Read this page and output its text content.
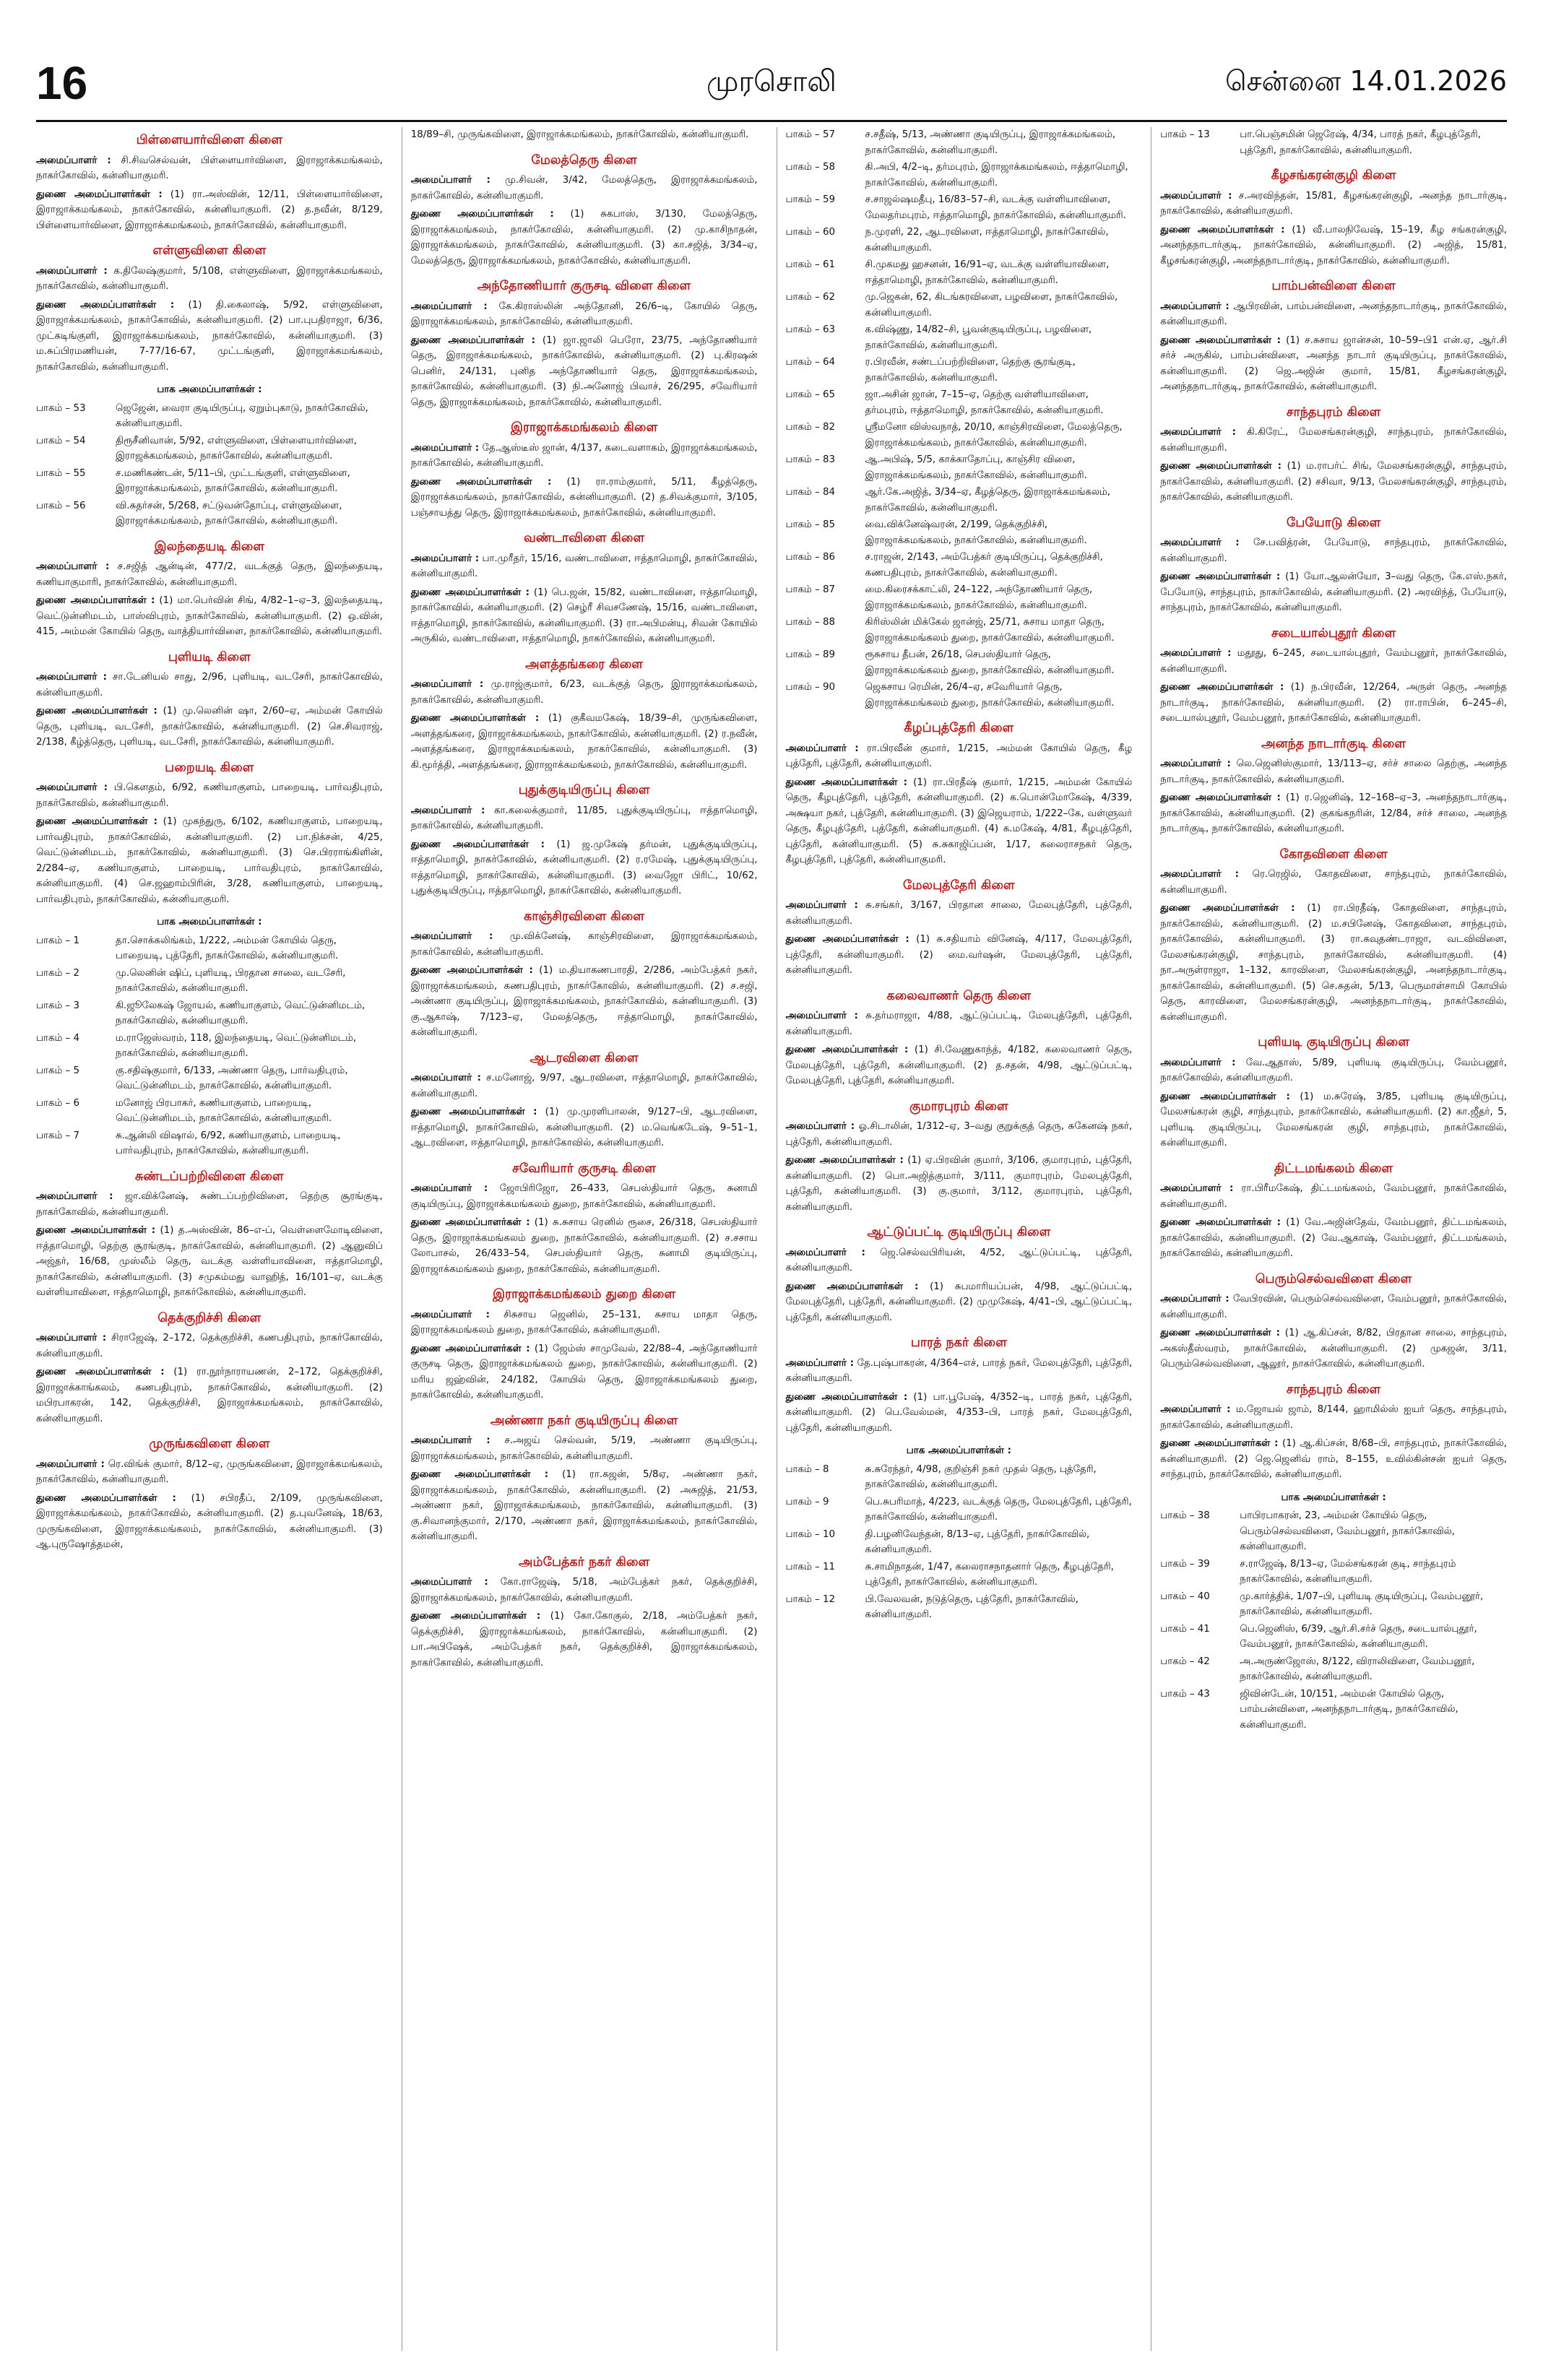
16	முரசொலி	சென்னை 14.01.2026
பிள்ளையார்விளை கிளை

அமைப்பாளர் : சி.சிவசெல்வன், பிள்ளையார்விளை, இராஜாக்கமங்கலம், நாகர்கோவில், கன்னியாகுமரி.

துணை அமைப்பாளர்கள் : (1) ரா.அஸ்வின், 12/11, பிள்ளையார்விளை, இராஜாக்கமங்கலம், நாகர்கோவில், கன்னியாகுமரி. (2) த.நவீன், 8/129, பிள்ளையார்விளை, இராஜாக்கமங்கலம், நாகர்கோவில், கன்னியாகுமரி.

எள்ளுவிளை கிளை

அமைப்பாளர் : க.திலேஷ்குமார், 5/108, எள்ளுவிளை, இராஜாக்கமங்கலம், நாகர்கோவில், கன்னியாகுமரி.

துணை அமைப்பாளர்கள் : (1) தி.கைலாஷ், 5/92, எள்ளுவிளை, இராஜாக்கமங்கலம், நாகர்கோவில், கன்னியாகுமரி. (2) பா.புபதிராஜா, 6/36, முட்கடிங்குளி, இராஜாக்கமங்கலம், நாகர்கோவில், கன்னியாகுமரி. (3) ம.சுப்பிரமணியன், 7-77/16-67, முட்டங்குளி, இராஜாக்கமங்கலம், நாகர்கோவில், கன்னியாகுமரி.

பாக அமைப்பாளர்கள் :
பாகம் – 53	ஜெஜேன், வைரா குடியிருப்பு, ஏறும்புகாடு, நாகர்கோவில், கன்னியாகுமரி.
பாகம் – 54	திரூசீனிவான், 5/92, எள்ளுவிளை, பிள்ளையார்விளை, இராஜக்கமங்கலம், நாகர்கோவில், கன்னியாகுமரி.
பாகம் – 55	ச.மணிகண்டன், 5/11–பி, முட்டங்குளி, எள்ளுவிளை, இராஜாக்கமங்கலம், நாகர்கோவில், கன்னியாகுமரி.
பாகம் – 56	வி.சுதர்சன், 5/268, சட்டுவன்தோப்பு, எள்ளுவிளை, இராஜாக்கமங்கலம், நாகர்கோவில், கன்னியாகுமரி.
இலந்தையடி கிளை

அமைப்பாளர் : ச.சஜித் ஆன்டின், 477/2, வடக்குத் தெரு, இலந்தையடி, கணியாகுமாரி, நாகர்கோவில், கன்னியாகுமரி.

துணை அமைப்பாளர்கள் : (1) மா.பெர்வின் சிங், 4/82–1–ஏ–3, இலந்தையடி, வெட்டுன்னிமடம், பாஸ்விபுரம், நாகர்கோவில், கன்னியாகுமரி. (2) ஒ.வின், 415, அம்மன் கோயில் தெரு, வாத்தியார்விளை, நாகர்கோவில், கன்னியாகுமரி.

புளியடி கிளை

அமைப்பாளர் : சா.டேனியல் சாது, 2/96, புளியடி, வடசேரி, நாகர்கோவில், கன்னியாகுமரி.

துணை அமைப்பாளர்கள் : (1) மு.லெனின் ஷா, 2/60–ஏ, அம்மன் கோயில் தெரு, புளியடி, வடசேரி, நாகர்கோவில், கன்னியாகுமரி. (2) செ.சிவராஜ், 2/138, கீழ்த்தெரு, புளியடி, வடசேரி, நாகர்கோவில், கன்னியாகுமரி.

பறையடி கிளை

அமைப்பாளர் : பி.கௌதம், 6/92, கணியாகுளம், பாறையடி, பார்வதிபுரம், நாகர்கோவில், கன்னியாகுமரி.

துணை அமைப்பாளர்கள் : (1) முகந்துரு, 6/102, கணியாகுளம், பாறையடி, பார்வதிபுரம், நாகர்கோவில், கன்னியாகுமரி. (2) பா.நிக்சன், 4/25, வெட்டுன்னிமடம், நாகர்கோவில், கன்னியாகுமரி. (3) செ.பிரராங்கிளின், 2/284–ஏ, கணியாகுளம், பாறையடி, பார்வதிபுரம், நாகர்கோவில், கன்னியாகுமரி. (4) செ.ஜஹாம்பிரின், 3/28, கணியாகுளம், பாறையடி, பார்வதிபுரம், நாகர்கோவில், கன்னியாகுமரி.

பாக அமைப்பாளர்கள் :
பாகம் – 1	தா.சொக்கலிங்கம், 1/222, அம்மன் கோயில் தெரு, பாறையடி, புத்தேரி, நாகர்கோவில், கன்னியாகுமரி.
பாகம் – 2	மு.லெனின் ஷிப், புளியடி, பிரதான சாலை, வடசேரி, நாகர்கோவில், கன்னியாகுமரி.
பாகம் – 3	கி.ஜூலேகஷ் ஜோயல், கணியாகுளம், வெட்டுன்னிமடம், நாகர்கோவில், கன்னியாகுமரி.
பாகம் – 4	ம.ராஜேஸ்வரம், 118, இலந்தையடி, வெட்டுன்னிமடம், நாகர்கோவில், கன்னியாகுமரி.
பாகம் – 5	கு.சதிஷ்குமார், 6/133, அண்ணா தெரு, பார்வதிபுரம், வெட்டுன்னிமடம், நாகர்கோவில், கன்னியாகுமரி.
பாகம் – 6	மனோஜ் பிரபாகர், கணியாகுளம், பாறையடி, வெட்டுன்னிமடம், நாகர்கோவில், கன்னியாகுமரி.
பாகம் – 7	சு.ஆன்லி விஷால், 6/92, கணியாகுளம், பாறையடி, பார்வதிபுரம், நாகர்கோவில், கன்னியாகுமரி.
சுண்டப்பற்றிவிளை கிளை

அமைப்பாளர் : ஜா.விக்னேஷ், சுண்டப்பற்றிவிளை, தெற்கு சூரங்குடி, நாகர்கோவில், கன்னியாகுமரி.

துணை அமைப்பாளர்கள் : (1) த.அஸ்வின், 86–எ-ப், வெள்ளைமோடிவிளை, ஈத்தாமொழி, தெற்கு சூரங்குடி, நாகர்கோவில், கன்னியாகுமரி. (2) ஆனுவிப் அஜ்தர், 16/68, முஸ்லீம் தெரு, வடக்கு வள்ளியாவிளை, ஈத்தாமொழி, நாகர்கோவில், கன்னியாகுமரி. (3) சமுகம்மது வாஹித், 16/101–ஏ, வடக்கு வள்ளியாவிளை, ஈத்தாமொழி, நாகர்கோவில், கன்னியாகுமரி.

தெக்குறிச்சி கிளை

அமைப்பாளர் : சிராஜேஷ், 2–172, தெக்குறிச்சி, கணபதிபுரம், நாகர்கோவில், கன்னியாகுமரி.

துணை அமைப்பாளர்கள் : (1) ரா.நூர்நாராயணன், 2–172, தெக்குறிச்சி, இராஜாக்காங்கலம், கணபதிபுரம், நாகர்கோவில், கன்னியாகுமரி. (2) மபிரபாகரன், 142, தெக்குறிச்சி, இராஜாக்கமங்கலம், நாகர்கோவில், கன்னியாகுமரி.

முருங்கவிளை கிளை

அமைப்பாளர் : ரெ.விங்க் குமார், 8/12–ஏ, முருங்கவிளை, இராஜாக்கமங்கலம், நாகர்கோவில், கன்னியாகுமரி.

துணை அமைப்பாளர்கள் : (1) சபிரதீப், 2/109, முருங்கவிளை, இராஜாக்கமங்கலம், நாகர்கோவில், கன்னியாகுமரி. (2) த.புவனேஷ், 18/63, முருங்கவிளை, இராஜாக்கமங்கலம், நாகர்கோவில், கன்னியாகுமரி. (3) ஆ.புருஷோத்தமன்,

18/89–சி, முருங்கவிளை, இராஜாக்கமங்கலம், நாகர்கோவில், கன்னியாகுமரி.

மேலத்தெரு கிளை

அமைப்பாளர் : மு.சிவன், 3/42, மேலத்தெரு, இராஜாக்கமங்கலம், நாகர்கோவில், கன்னியாகுமரி.

துணை அமைப்பாளர்கள் : (1) சுகபாஸ், 3/130, மேலத்தெரு, இராஜாக்கமங்கலம், நாகர்கோவில், கன்னியாகுமரி. (2) மு.காசிநாதன், இராஜாக்கமங்கலம், நாகர்கோவில், கன்னியாகுமரி. (3) கா.சஜித், 3/34–ஏ, மேலத்தெரு, இராஜாக்கமங்கலம், நாகர்கோவில், கன்னியாகுமரி.

அந்தோணியார் குருசடி விளை கிளை

அமைப்பாளர் : கே.கிராஸ்லின் அந்தோனி, 26/6–டி, கோயில் தெரு, இராஜாக்கமங்கலம், நாகர்கோவில், கன்னியாகுமரி.

துணை அமைப்பாளர்கள் : (1) ஜா.ஜாலி பெரோ, 23/75, அந்தோணியார் தெரு, இராஜாக்கமங்கலம், நாகர்கோவில், கன்னியாகுமரி. (2) பு.கிரஷன் பெனிர், 24/131, புனித அந்தோணியார் தெரு, இராஜாக்கமங்கலம், நாகர்கோவில், கன்னியாகுமரி. (3) நி.அனோஜ் பிவாச், 26/295, சவேரியார் தெரு, இராஜாக்கமங்கலம், நாகர்கோவில், கன்னியாகுமரி.

இராஜாக்கமங்கலம் கிளை

அமைப்பாளர் : தே.ஆஸ்டீஸ் ஜான், 4/137, கடைவளாகம், இராஜாக்கமங்கலம், நாகர்கோவில், கன்னியாகுமரி.

துணை அமைப்பாளர்கள் : (1) ரா.ராம்குமார், 5/11, கீழத்தெரு, இராஜாக்கமங்கலம், நாகர்கோவில், கன்னியாகுமரி. (2) த.சிவக்குமார், 3/105, பஞ்சாயத்து தெரு, இராஜாக்கமங்கலம், நாகர்கோவில், கன்னியாகுமரி.

வண்டாவிளை கிளை

அமைப்பாளர் : பா.முரீதர், 15/16, வண்டாவிளை, ஈத்தாமொழி, நாகர்கோவில், கன்னியாகுமரி.

துணை அமைப்பாளர்கள் : (1) பெ.ஜன், 15/82, வண்டாவிளை, ஈத்தாமொழி, நாகர்கோவில், கன்னியாகுமரி. (2) செழ்ரீ சிவசணேஷ், 15/16, வண்டாவிளை, ஈத்தாமொழி, நாகர்கோவில், கன்னியாகுமரி. (3) ரா.அபிமன்யு, சிவன் கோயில் அருகில், வண்டாவிளை, ஈத்தாமொழி, நாகர்கோவில், கன்னியாகுமரி.

அளத்தங்கரை கிளை

அமைப்பாளர் : மு.ராஜ்குமார், 6/23, வடக்குத் தெரு, இராஜாக்கமங்கலம், நாகர்கோவில், கன்னியாகுமரி.

துணை அமைப்பாளர்கள் : (1) குகீவமகேஷ், 18/39–சி, முருங்கவிளை, அளத்தங்கரை, இராஜாக்கமங்கலம், நாகர்கோவில், கன்னியாகுமரி. (2) ர.நவீன், அளத்தங்கரை, இராஜாக்கமங்கலம், நாகர்கோவில், கன்னியாகுமரி. (3) கி.மூர்த்தி, அளத்தங்கரை, இராஜாக்கமங்கலம், நாகர்கோவில், கன்னியாகுமரி.

புதுக்குடியிருப்பு கிளை

அமைப்பாளர் : கா.கலைக்குமார், 11/85, புதுக்குடியிருப்பு, ஈத்தாமொழி, நாகர்கோவில், கன்னியாகுமரி.

துணை அமைப்பாளர்கள் : (1) ஜ.முகேஷ் தர்மன், புதுக்குடியிருப்பு, ஈத்தாமொழி, நாகர்கோவில், கன்னியாகுமரி. (2) ர.ரமேஷ், புதுக்குடியிருப்பு, ஈத்தாமொழி, நாகர்கோவில், கன்னியாகுமரி. (3) வைஜோ பிரிட், 10/62, புதுக்குடியிருப்பு, ஈத்தாமொழி, நாகர்கோவில், கன்னியாகுமரி.

காஞ்சிரவிளை கிளை

அமைப்பாளர் : மு.விக்னேஷ், காஞ்சிரவிளை, இராஜாக்கமங்கலம், நாகர்கோவில், கன்னியாகுமரி.

துணை அமைப்பாளர்கள் : (1) ம.தியாகணபாரதி, 2/286, அம்பேத்கர் நகர், இராஜாக்கமங்கலம், கணபதிபுரம், நாகர்கோவில், கன்னியாகுமரி. (2) ச.சஜி, அண்ணா குடியிருப்பு, இராஜாக்கமங்கலம், நாகர்கோவில், கன்னியாகுமரி. (3) கு.ஆகாஷ், 7/123–ஏ, மேலத்தெரு, ஈத்தாமொழி, நாகர்கோவில், கன்னியாகுமரி.

ஆடரவிளை கிளை

அமைப்பாளர் : ச.மனோஜ், 9/97, ஆடரவிளை, ஈத்தாமொழி, நாகர்கோவில், கன்னியாகுமரி.

துணை அமைப்பாளர்கள் : (1) மு.முரளிபாலன், 9/127–பி, ஆடரவிளை, ஈத்தாமொழி, நாகர்கோவில், கன்னியாகுமரி. (2) ம.வெங்கடேஷ், 9–51–1, ஆடரவிளை, ஈத்தாமொழி, நாகர்கோவில், கன்னியாகுமரி.

சவேரியார் குருசடி கிளை

அமைப்பாளர் : ஜோபிரிஜோ, 26–433, செபஸ்தியார் தெரு, சுனாமி குடியிருப்பு, இராஜாக்கமங்கலம் துறை, நாகர்கோவில், கன்னியாகுமரி.

துணை அமைப்பாளர்கள் : (1) சு.சுசாய ரெனில் ரூசை, 26/318, செபஸ்தியார் தெரு, இராஜாக்கமங்கலம் துறை, நாகர்கோவில், கன்னியாகுமரி. (2) ச.சசாய லோபாசல், 26/433–54, செபஸ்தியார் தெரு, சுனாமி குடியிருப்பு, இராஜாக்கமங்கலம் துறை, நாகர்கோவில், கன்னியாகுமரி.

இராஜாக்கமங்கலம் துறை கிளை

அமைப்பாளர் : சிசுசாய ஜெனில், 25–131, சுசாய மாதா தெரு, இராஜாக்கமங்கலம் துறை, நாகர்கோவில், கன்னியாகுமரி.

துணை அமைப்பாளர்கள் : (1) ஜேம்ஸ் சாமுவேல், 22/88–4, அந்தோணியார் குருசடி தெரு, இராஜாக்கமங்கலம் துறை, நாகர்கோவில், கன்னியாகுமரி. (2) மரிய ஜஹ்வின், 24/182, கோயில் தெரு, இராஜாக்கமங்கலம் துறை, நாகர்கோவில், கன்னியாகுமரி.

அண்ணா நகர் குடியிருப்பு கிளை

அமைப்பாளர் : ச.அஜய் செல்வன், 5/19, அண்ணா குடியிருப்பு, இராஜாக்கமங்கலம், நாகர்கோவில், கன்னியாகுமரி.

துணை அமைப்பாளர்கள் : (1) ரா.கஜன், 5/8ஏ, அண்ணா நகர், இராஜாக்கமங்கலம், நாகர்கோவில், கன்னியாகுமரி. (2) அசுஜித், 21/53, அண்ணா நகர், இராஜாக்கமங்கலம், நாகர்கோவில், கன்னியாகுமரி. (3) கு.சிவானந்குமார், 2/170, அண்ணா நகர், இராஜாக்கமங்கலம், நாகர்கோவில், கன்னியாகுமரி.

அம்பேத்கர் நகர் கிளை

அமைப்பாளர் : கோ.ராஜேஷ், 5/18, அம்பேத்கர் நகர், தெக்குறிச்சி, இராஜாக்கமங்கலம், நாகர்கோவில், கன்னியாகுமரி.

துணை அமைப்பாளர்கள் : (1) கோ.கோகுல், 2/18, அம்பேத்கர் நகர், தெக்குறிச்சி, இராஜாக்கமங்கலம், நாகர்கோவில், கன்னியாகுமரி. (2) பா.அபிஷேக், அம்பேத்கர் நகர், தெக்குறிச்சி, இராஜாக்கமங்கலம், நாகர்கோவில், கன்னியாகுமரி.

பாகம் – 57	ச.சதீஷ், 5/13, அண்ணா குடியிருப்பு, இராஜாக்கமங்கலம், நாகர்கோவில், கன்னியாகுமரி.
பாகம் – 58	கி.அபி, 4/2–டி, தர்மபுரம், இராஜாக்கமங்கலம், ஈத்தாமொழி, நாகர்கோவில், கன்னியாகுமரி.
பாகம் – 59	ச.சாஜல்ஷமதீபு, 16/83–57–சி, வடக்கு வள்ளியாவிளை, மேலதர்மபுரம், ஈத்தாமொழி, நாகர்கோவில், கன்னியாகுமரி.
பாகம் – 60	ந.முரளி, 22, ஆடரவிளை, ஈத்தாமொழி, நாகர்கோவில், கன்னியாகுமரி.
பாகம் – 61	சி.முகமது ஹசனன், 16/91–ஏ, வடக்கு வள்ளியாவிளை, ஈத்தாமொழி, நாகர்கோவில், கன்னியாகுமரி.
பாகம் – 62	மு.ஜெகன், 62, கிடங்கரவிளை, பழவிளை, நாகர்கோவில், கன்னியாகுமரி.
பாகம் – 63	க.விஷ்ணு, 14/82–சி, பூவன்குடியிருப்பு, பழவிளை, நாகர்கோவில், கன்னியாகுமரி.
பாகம் – 64	ர.பிரவீன், சண்டப்பற்றிவிளை, தெற்கு சூரங்குடி, நாகர்கோவில், கன்னியாகுமரி.
பாகம் – 65	ஜா.அசின் ஜான், 7–15–ஏ, தெற்கு வள்ளியாவிளை, தர்மபுரம், ஈத்தாமொழி, நாகர்கோவில், கன்னியாகுமரி.
பாகம் – 82	ஸ்ரீமனோ விஸ்வநாத், 20/10, காஞ்சிரவிளை, மேலத்தெரு, இராஜாக்கமங்கலம், நாகர்கோவில், கன்னியாகுமரி.
பாகம் – 83	ஆ.அபிஷ், 5/5, காக்காதோப்பு, காஞ்சிர விளை, இராஜாக்கமங்கலம், நாகர்கோவில், கன்னியாகுமரி.
பாகம் – 84	ஆர்.கே.அஜித், 3/34–ஏ, கீழத்தெரு, இராஜாக்கமங்கலம், நாகர்கோவில், கன்னியாகுமரி.
பாகம் – 85	வை.விக்னேஷ்வரன், 2/199, தெக்குறிச்சி, இராஜாக்கமங்கலம், நாகர்கோவில், கன்னியாகுமரி.
பாகம் – 86	ச.ராஜன், 2/143, அம்பேத்கர் குடியிருப்பு, தெக்குறிச்சி, கணபதிபுரம், நாகர்கோவில், கன்னியாகுமரி.
பாகம் – 87	மை.கிரைசக்காட்லி, 24–122, அந்தோணியார் தெரு, இராஜாக்கமங்கலம், நாகர்கோவில், கன்னியாகுமரி.
பாகம் – 88	கிரிஸ்லின் மிக்கேல் ஜான்ஜ், 25/71, சுசாய மாதா தெரு, இராஜாக்கமங்கலம் துறை, நாகர்கோவில், கன்னியாகுமரி.
பாகம் – 89	ரூசுசாய தீபன், 26/18, செபஸ்தியார் தெரு, இராஜாக்கமங்கலம் துறை, நாகர்கோவில், கன்னியாகுமரி.
பாகம் – 90	ஜெசுசாய ரெமின், 26/4–ஏ, சவேரியார் தெரு, இராஜாக்கமங்கலம் துறை, நாகர்கோவில், கன்னியாகுமரி.
கீழப்புத்தேரி கிளை

அமைப்பாளர் : ரா.பிரவீன் குமார், 1/215, அம்மன் கோயில் தெரு, கீழ புத்தேரி, புத்தேரி, கன்னியாகுமரி.

துணை அமைப்பாளர்கள் : (1) ரா.பிரதீஷ் குமார், 1/215, அம்மன் கோயில் தெரு, கீழபுத்தேரி, புத்தேரி, கன்னியாகுமரி. (2) க.பொன்மோகேஷ், 4/339, அக்ஷயா நகர், புத்தேரி, கன்னியாகுமரி. (3) இஜெயராம், 1/222–கே, வள்ளுவர் தெரு, கீழபுத்தேரி, புத்தேரி, கன்னியாகுமரி. (4) க.மகேஷ், 4/81, கீழபுத்தேரி, புத்தேரி, கன்னியாகுமரி. (5) சு.சுகாஜிப்பன், 1/17, கலைராசநகர் தெரு, கீழபுத்தேரி, புத்தேரி, கன்னியாகுமரி.

மேலபுத்தேரி கிளை

அமைப்பாளர் : சு.சங்கர், 3/167, பிரதான சாலை, மேலபுத்தேரி, புத்தேரி, கன்னியாகுமரி.

துணை அமைப்பாளர்கள் : (1) சு.சதியாம் வினேஷ், 4/117, மேலபுத்தேரி, புத்தேரி, கன்னியாகுமரி. (2) மை.வர்ஷன், மேலபுத்தேரி, புத்தேரி, கன்னியாகுமரி.

கலைவாணர் தெரு கிளை

அமைப்பாளர் : சு.தர்மராஜா, 4/88, ஆட்டுப்பட்டி, மேலபுத்தேரி, புத்தேரி, கன்னியாகுமரி.

துணை அமைப்பாளர்கள் : (1) சி.வேணுகாந்த், 4/182, கலைவாணர் தெரு, மேலபுத்தேரி, புத்தேரி, கன்னியாகுமரி. (2) த.சதன், 4/98, ஆட்டுப்பட்டி, மேலபுத்தேரி, புத்தேரி, கன்னியாகுமரி.

குமாரபுரம் கிளை

அமைப்பாளர் : ஓ.சிடாலின், 1/312–ஏ, 3–வது குறுக்குத் தெரு, சுகேனஷ் நகர், புத்தேரி, கன்னியாகுமரி.

துணை அமைப்பாளர்கள் : (1) ஏ.பிரவின் குமார், 3/106, குமாரபுரம், புத்தேரி, கன்னியாகுமரி. (2) பொ.அஜித்குமார், 3/111, குமாரபுரம், மேலபுத்தேரி, புத்தேரி, கன்னியாகுமரி. (3) கு.குமார், 3/112, குமாரபுரம், புத்தேரி, கன்னியாகுமரி.

ஆட்டுப்பட்டி குடியிருப்பு கிளை

அமைப்பாளர் : ஜெ.செல்வபிரியன், 4/52, ஆட்டுப்பட்டி, புத்தேரி, கன்னியாகுமரி.

துணை அமைப்பாளர்கள் : (1) சுபமாரியப்பன், 4/98, ஆட்டுப்பட்டி, மேலபுத்தேரி, புத்தேரி, கன்னியாகுமரி. (2) முமுகேஷ், 4/41–பி, ஆட்டுப்பட்டி, புத்தேரி, கன்னியாகுமரி.

பாரத் நகர் கிளை

அமைப்பாளர் : தே.புஷ்பாகரன், 4/364–எச், பாரத் நகர், மேலபுத்தேரி, புத்தேரி, கன்னியாகுமரி.

துணை அமைப்பாளர்கள் : (1) பா.பூபேஷ், 4/352–டி, பாரத் நகர், புத்தேரி, கன்னியாகுமரி. (2) பெ.வேல்மன், 4/353–பி, பாரத் நகர், மேலபுத்தேரி, புத்தேரி, கன்னியாகுமரி.

பாக அமைப்பாளர்கள் :
பாகம் – 8	சு.சுரேந்தர், 4/98, குறிஞ்சி நகர் முதல் தெரு, புத்தேரி, நாகர்கோவில், கன்னியாகுமரி.
பாகம் – 9	பெ.சுபரிமாத், 4/223, வடக்குத் தெரு, மேலபுத்தேரி, புத்தேரி, நாகர்கோவில், கன்னியாகுமரி.
பாகம் – 10	தி.பழனிவேந்தன், 8/13–ஏ, புத்தேரி, நாகர்கோவில், கன்னியாகுமரி.
பாகம் – 11	சு.சாமிநாதன், 1/47, கலைராசநாதனார் தெரு, கீழபுத்தேரி, புத்தேரி, நாகர்கோவில், கன்னியாகுமரி.
பாகம் – 12	பி.வேலவன், நடுத்தெரு, புத்தேரி, நாகர்கோவில், கன்னியாகுமரி.
பாகம் – 13	பா.பெஞ்சமின் ஜெரேஷ், 4/34, பாரத் நகர், கீழபுத்தேரி, புத்தேரி, நாகர்கோவில், கன்னியாகுமரி.
கீழசங்கரன்குழி கிளை

அமைப்பாளர் : ச.அரவிந்தன், 15/81, கீழசங்கரன்குழி, அனந்த நாடார்குடி, நாகர்கோவில், கன்னியாகுமரி.

துணை அமைப்பாளர்கள் : (1) வீ.பாலநிவேஷ், 15–19, கீழ சங்கரன்குழி, அனந்தநாடார்குடி, நாகர்கோவில், கன்னியாகுமரி. (2) அஜித், 15/81, கீழசங்கரன்குழி, அனந்தநாடார்குடி, நாகர்கோவில், கன்னியாகுமரி.

பாம்பன்விளை கிளை

அமைப்பாளர் : ஆபிரவின், பாம்பன்விளை, அனந்தநாடார்குடி, நாகர்கோவில், கன்னியாகுமரி.

துணை அமைப்பாளர்கள் : (1) ச.சுசாய ஜான்சன், 10–59–பி1 என்.ஏ, ஆர்.சி சர்ச் அருகில், பாம்பன்விளை, அனந்த நாடார் குடியிருப்பு, நாகர்கோவில், கன்னியாகுமரி. (2) ஜெ.அஜின் குமார், 15/81, கீழசங்கரன்குழி, அனந்தநாடார்குடி, நாகர்கோவில், கன்னியாகுமரி.

சாந்தபுரம் கிளை

அமைப்பாளர் : கி.கிரேட், மேலசங்கரன்குழி, சாந்தபுரம், நாகர்கோவில், கன்னியாகுமரி.

துணை அமைப்பாளர்கள் : (1) ம.ராபர்ட் சிங், மேலசங்கரன்குழி, சாந்தபுரம், நாகர்கோவில், கன்னியாகுமரி. (2) சசிவா, 9/13, மேலசங்கரன்குழி, சாந்தபுரம், நாகர்கோவில், கன்னியாகுமரி.

பேயோடு கிளை

அமைப்பாளர் : சே.பவித்ரன், பேயோடு, சாந்தபுரம், நாகர்கோவில், கன்னியாகுமரி.

துணை அமைப்பாளர்கள் : (1) யோ.ஆலன்யோ, 3–வது தெரு, கே.எஸ்.நகர், பேயோடு, சாந்தபுரம், நாகர்கோவில், கன்னியாகுமரி. (2) அரவிந்த், பேயோடு, சாந்தபுரம், நாகர்கோவில், கன்னியாகுமரி.

சடையால்புதூர் கிளை

அமைப்பாளர் : மதூது, 6–245, சடையால்புதூர், வேம்பனூர், நாகர்கோவில், கன்னியாகுமரி.

துணை அமைப்பாளர்கள் : (1) ந.பிரவீன், 12/264, அருள் தெரு, அனந்த நாடார்குடி, நாகர்கோவில், கன்னியாகுமரி. (2) ரா.ராபின், 6–245–சி, சடையால்புதூர், வேம்பனூர், நாகர்கோவில், கன்னியாகுமரி.

அனந்த நாடார்குடி கிளை

அமைப்பாளர் : லெ.ஜெனிஸ்குமார், 13/113–ஏ, சர்ச் சாலை தெற்கு, அனந்த நாடார்குடி, நாகர்கோவில், கன்னியாகுமரி.

துணை அமைப்பாளர்கள் : (1) ர.ஜெனிஷ், 12–168–ஏ–3, அனந்தநாடார்குடி, நாகர்கோவில், கன்னியாகுமரி. (2) குகங்கநரின், 12/84, சர்ச் சாலை, அனந்த நாடார்குடி, நாகர்கோவில், கன்னியாகுமரி.

கோதவிளை கிளை

அமைப்பாளர் : ரெ.ரெஜில், கோதவிளை, சாந்தபுரம், நாகர்கோவில், கன்னியாகுமரி.

துணை அமைப்பாளர்கள் : (1) ரா.பிரதீஷ், கோதவிளை, சாந்தபுரம், நாகர்கோவில், கன்னியாகுமரி. (2) ம.சபினேஷ், கோதவிளை, சாந்தபுரம், நாகர்கோவில், கன்னியாகுமரி. (3) ரா.கவுதண்டராஜா, வடவிவிளை, மேலசங்கரன்குழி, சாந்தபுரம், நாகர்கோவில், கன்னியாகுமரி. (4) நா.அருள்ராஜா, 1–132, காரவிளை, மேலசங்கரன்குழி, அனந்தநாடார்குடி, நாகர்கோவில், கன்னியாகுமரி. (5) செ.சுதன், 5/13, பெருமாள்சாமி கோயில் தெரு, காரவிளை, மேலசங்கரன்குழி, அனந்தநாடார்குடி, நாகர்கோவில், கன்னியாகுமரி.

புளியடி குடியிருப்பு கிளை

அமைப்பாளர் : வே.ஆதாஸ், 5/89, புளியடி குடியிருப்பு, வேம்பனூர், நாகர்கோவில், கன்னியாகுமரி.

துணை அமைப்பாளர்கள் : (1) ம.சுரேஷ், 3/85, புளியடி குடியிருப்பு, மேலசங்கரன் குழி, சாந்தபுரம், நாகர்கோவில், கன்னியாகுமரி. (2) கா.ஜீதர், 5, புளியடி குடியிருப்பு, மேலசங்கரன் குழி, சாந்தபுரம், நாகர்கோவில், கன்னியாகுமரி.

திட்டமங்கலம் கிளை

அமைப்பாளர் : ரா.பிரீமகேஷ், திட்டமங்கலம், வேம்பனூர், நாகர்கோவில், கன்னியாகுமரி.

துணை அமைப்பாளர்கள் : (1) வே.அஜின்தேவ், வேம்பனூர், திட்டமங்கலம், நாகர்கோவில், கன்னியாகுமரி. (2) வே.ஆகாஷ், வேம்பனூர், திட்டமங்கலம், நாகர்கோவில், கன்னியாகுமரி.

பெரும்செல்வவிளை கிளை

அமைப்பாளர் : வேபிரவின், பெரும்செல்வவிளை, வேம்பனூர், நாகர்கோவில், கன்னியாகுமரி.

துணை அமைப்பாளர்கள் : (1) ஆ.கிப்சன், 8/82, பிரதான சாலை, சாந்தபுரம், அகஸ்தீஸ்வரம், நாகர்கோவில், கன்னியாகுமரி. (2) முகஜன், 3/11, பெரும்செல்வவிளை, ஆலூர், நாகர்கோவில், கன்னியாகுமரி.

சாந்தபுரம் கிளை

அமைப்பாளர் : ம.ஜோயல் ஜாம், 8/144, ஹாமில்ஸ் ஐயர் தெரு, சாந்தபுரம், நாகர்கோவில், கன்னியாகுமரி.

துணை அமைப்பாளர்கள் : (1) ஆ.கிப்சன், 8/68–பி, சாந்தபுரம், நாகர்கோவில், கன்னியாகுமரி. (2) ஜெ.ஜெனிவ் ராம், 8–155, உவில்கின்சன் ஐயர் தெரு, சாந்தபுரம், நாகர்கோவில், கன்னியாகுமரி.

பாக அமைப்பாளர்கள் :
பாகம் – 38	பாபிரபாகரன், 23, அம்மன் கோயில் தெரு, பெரும்செல்வவிளை, வேம்பனூர், நாகர்கோவில், கன்னியாகுமரி.
பாகம் – 39	ச.ராஜேஷ், 8/13–ஏ, மேல்சங்கரன் குடி, சாந்தபுரம் நாகர்கோவில், கன்னியாகுமரி.
பாகம் – 40	மு.கார்த்திக், 1/07–பி, புளியடி குடியிருப்பு, வேம்பனூர், நாகர்கோவில், கன்னியாகுமரி.
பாகம் – 41	பெ.ஜெனிஸ், 6/39, ஆர்.சி.சர்ச் தெரு, சடையால்புதூர், வேம்பனூர், நாகர்கோவில், கன்னியாகுமரி.
பாகம் – 42	அ.அருண்ஜோஸ், 8/122, விராலிவிளை, வேம்பனூர், நாகர்கோவில், கன்னியாகுமரி.
பாகம் – 43	ஜிவின்டேன், 10/151, அம்மன் கோயில் தெரு, பாம்பன்விளை, அனந்தநாடார்குடி, நாகர்கோவில், கன்னியாகுமரி.
